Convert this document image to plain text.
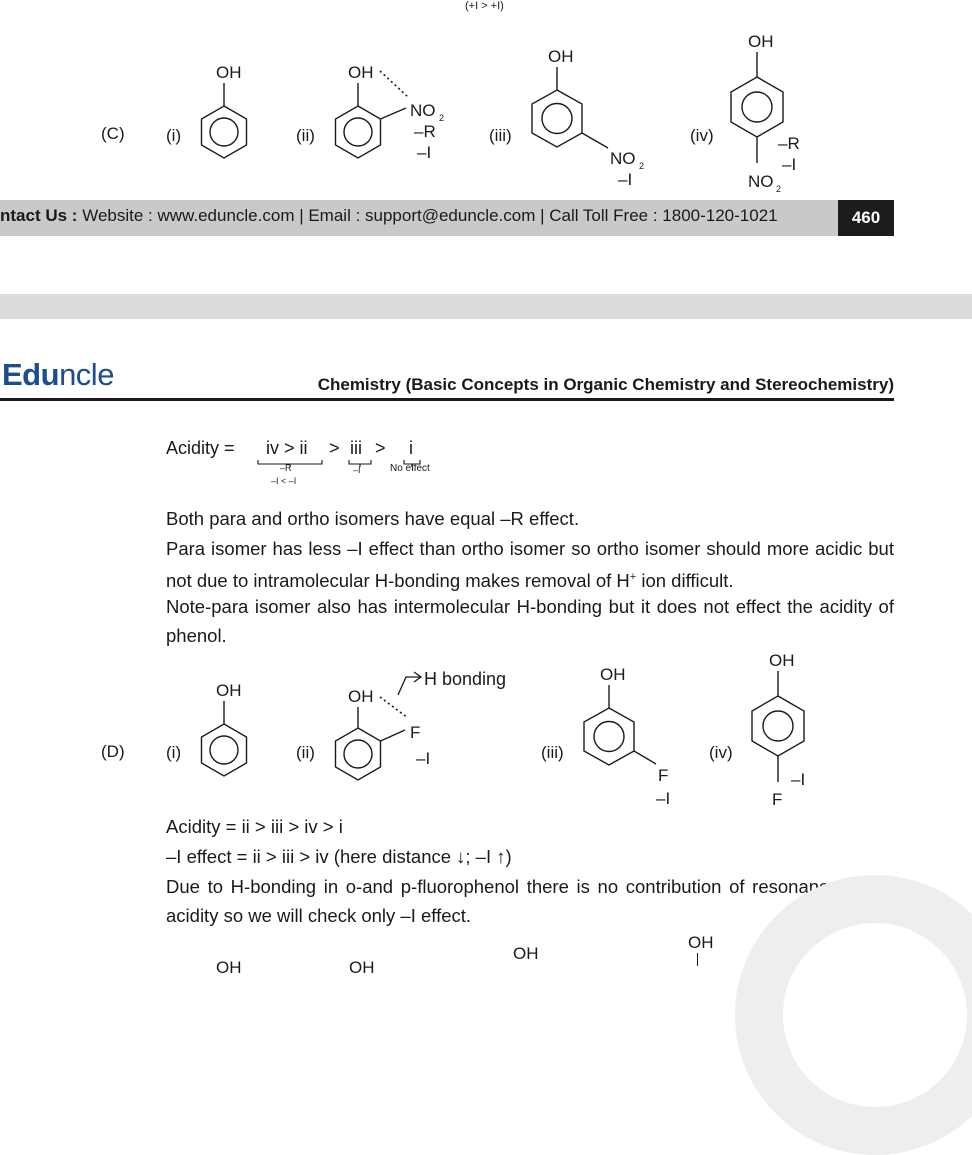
(+I > +I)
(C) (i)
OH
(ii)
OH
NO 2
–R
–I
(iii)
OH
NO 2
–I
(iv)
OH
NO 2
–R
–I
ntact Us : Website : www.eduncle.com | Email : support@eduncle.com | Call Toll Free : 1800-120-1021	460
Eduncle	Chemistry (Basic Concepts in Organic Chemistry and Stereochemistry)
Acidity = iv > ii
–R
–I < –I
> iii
–I
> i
No effect
Both para and ortho isomers have equal –R effect.
Para isomer has less –I effect than ortho isomer so ortho isomer should more acidic but not due to intramolecular H-bonding makes removal of H+ ion difficult.
Note-para isomer also has intermolecular H-bonding but it does not effect the acidity of phenol.
(D) (i)
OH
(ii)
OH
H bonding
F
–I	(iii)
OH
F
–I
(iv)
OH
F
–I
Acidity = ii > iii > iv > i
–I effect = ii > iii > iv (here distance ↓; –I ↑)
Due to H-bonding in o-and p-fluorophenol there is no contribution of resonance in the acidity so we will check only –I effect.
OH	OH
OH
OH
